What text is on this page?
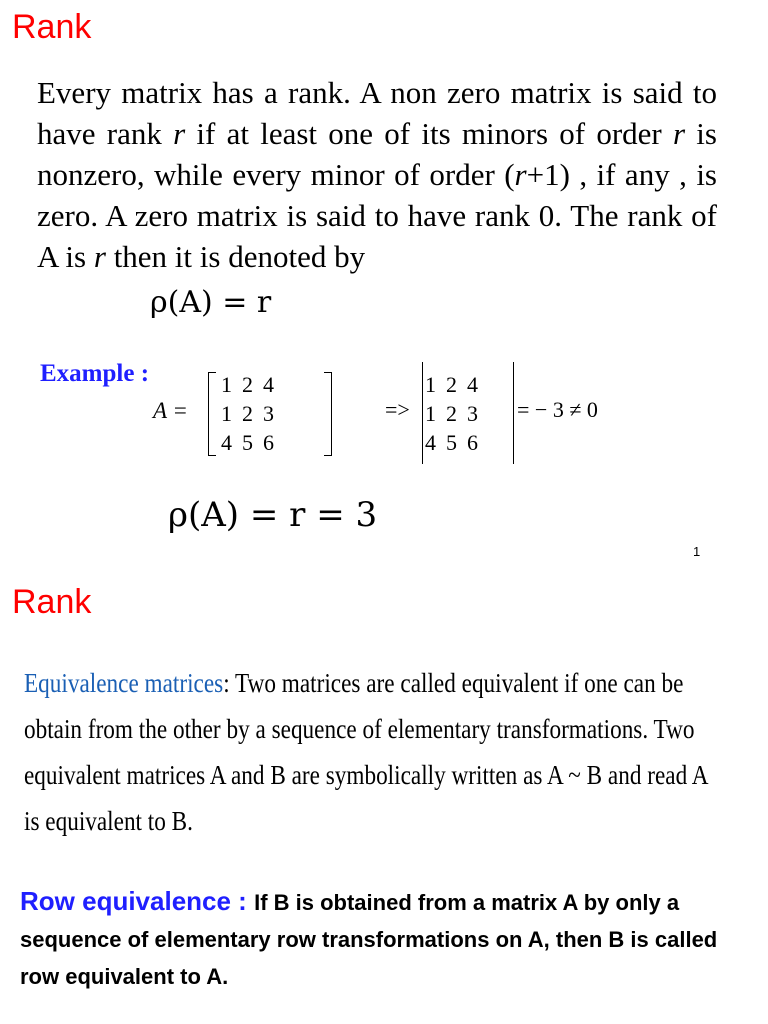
Rank
Every matrix has a rank. A non zero matrix is said to have rank r if at least one of its minors of order r is nonzero, while every minor of order (r+1) , if any , is zero. A zero matrix is said to have rank 0. The rank of A is r then it is denoted by
ρ(A) = r
Example :
A =
1	2	4
1	2	3
4	5	6
=>
1	2	4
1	2	3
4	5	6
= − 3 ≠ 0
ρ(A) = r = 3
1
Rank
Equivalence matrices: Two matrices are called equivalent if one can be obtain from the other by a sequence of elementary transformations. Two equivalent matrices A and B are symbolically written as A ~ B and read A is equivalent to B.
Row equivalence : If B is obtained from a matrix A by only a sequence of elementary row transformations on A, then B is called row equivalent to A.
